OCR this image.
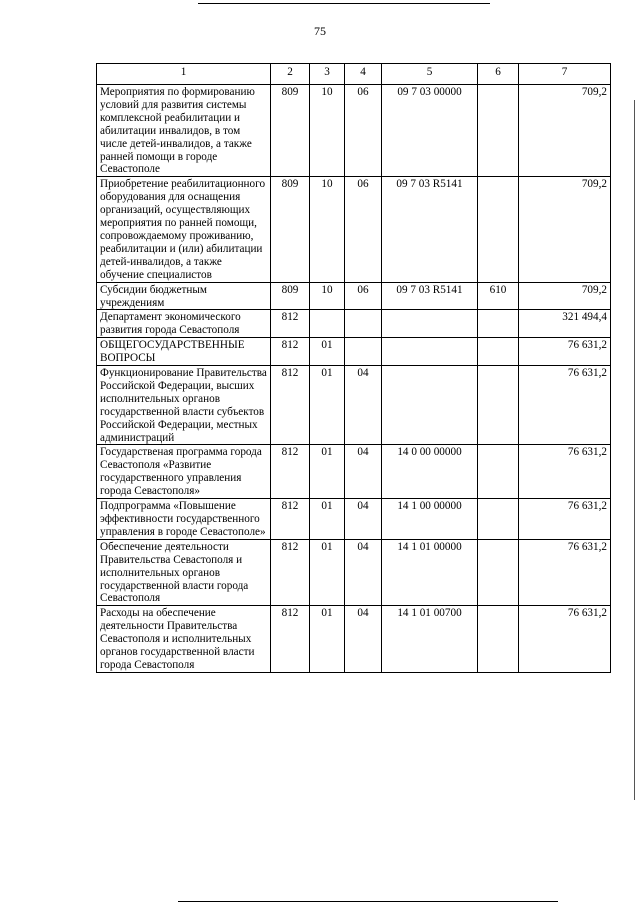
75
1	2	3	4	5	6	7
Мероприятия по формированию условий для развития системы комплексной реабилитации и абилитации инвалидов, в том числе детей-инвалидов, а также ранней помощи в городе Севастополе	809	10	06	09 7 03 00000		709,2
Приобретение реабилитационного оборудования для оснащения организаций, осуществляющих мероприятия по ранней помощи, сопровождаемому проживанию, реабилитации и (или) абилитации детей-инвалидов, а также обучение специалистов	809	10	06	09 7 03 R5141		709,2
Субсидии бюджетным учреждениям	809	10	06	09 7 03 R5141	610	709,2
Департамент экономического развития города Севастополя	812					321 494,4
ОБЩЕГОСУДАРСТВЕННЫЕ ВОПРОСЫ	812	01				76 631,2
Функционирование Правительства Российской Федерации, высших исполнительных органов государственной власти субъектов Российской Федерации, местных администраций	812	01	04			76 631,2
Государственая программа города Севастополя «Развитие государственного управления города Севастополя»	812	01	04	14 0 00 00000		76 631,2
Подпрограмма «Повышение эффективности государственного управления в городе Севастополе»	812	01	04	14 1 00 00000		76 631,2
Обеспечение деятельности Правительства Севастополя и исполнительных органов государственной власти города Севастополя	812	01	04	14 1 01 00000		76 631,2
Расходы на обеспечение деятельности Правительства Севастополя и исполнительных органов государственной власти города Севастополя	812	01	04	14 1 01 00700		76 631,2
